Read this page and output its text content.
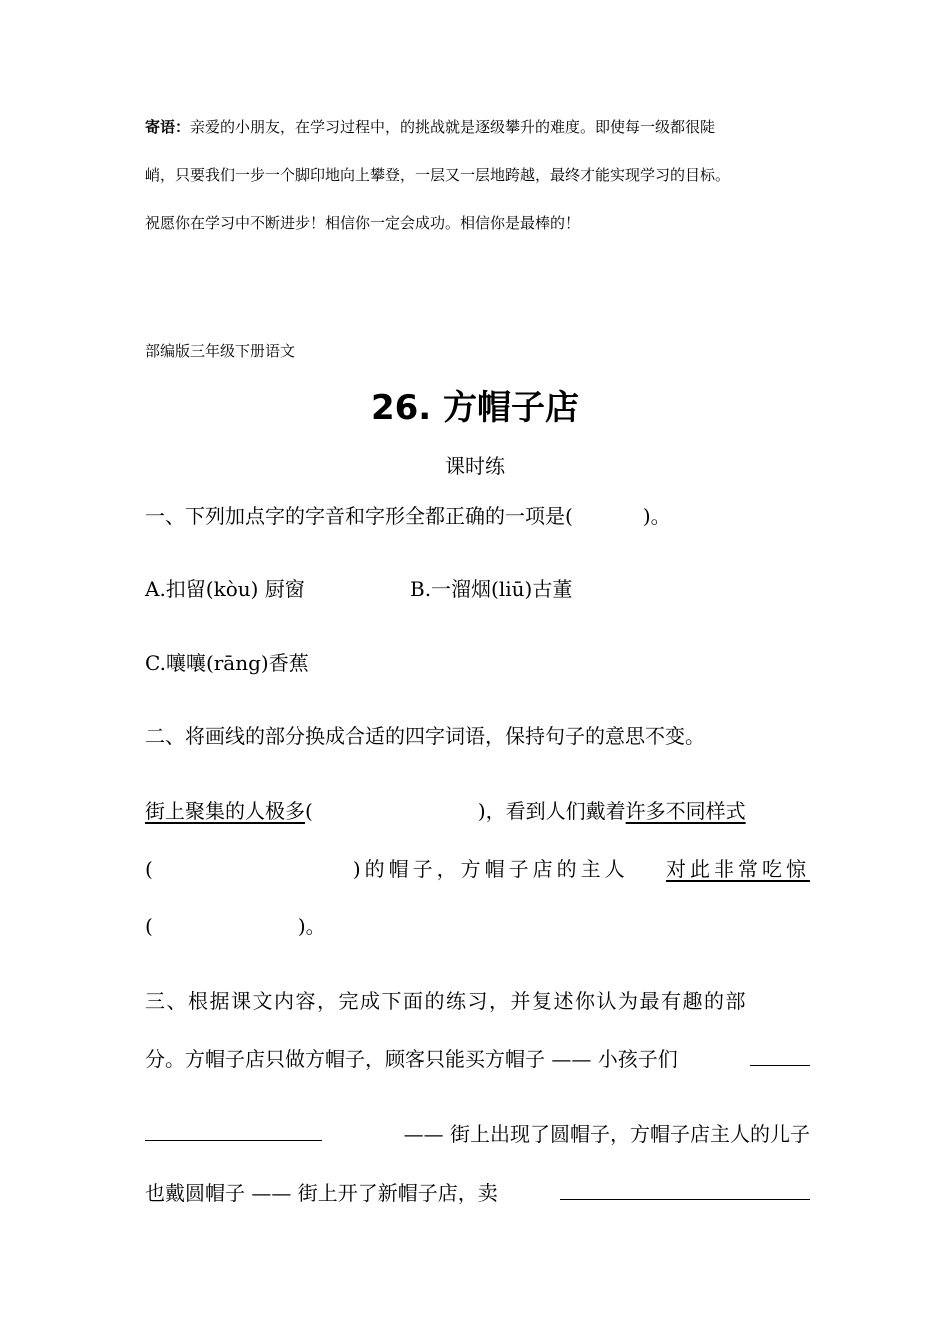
寄语：亲爱的小朋友，在学习过程中，的挑战就是逐级攀升的难度。即使每一级都很陡
峭，只要我们一步一个脚印地向上攀登，一层又一层地跨越，最终才能实现学习的目标。
祝愿你在学习中不断进步！相信你一定会成功。相信你是最棒的！
部编版三年级下册语文
26. 方帽子店
课时练
一、下列加点字的字音和字形全都正确的一项是(	)。
A.扣留(kòu) 厨窗	B.一溜烟(liū)古董
C.嚷嚷(rāng)香蕉
二、将画线的部分换成合适的四字词语，保持句子的意思不变。
街上聚集的人极多(	)，看到人们戴着许多不同样式
(	)的帽子，方帽子店的主人 对此非常吃惊
(	)。
三、根据课文内容，完成下面的练习，并复述你认为最有趣的部
分。方帽子店只做方帽子，顾客只能买方帽子 —— 小孩子们
—— 街上出现了圆帽子，方帽子店主人的儿子
也戴圆帽子 —— 街上开了新帽子店，卖
